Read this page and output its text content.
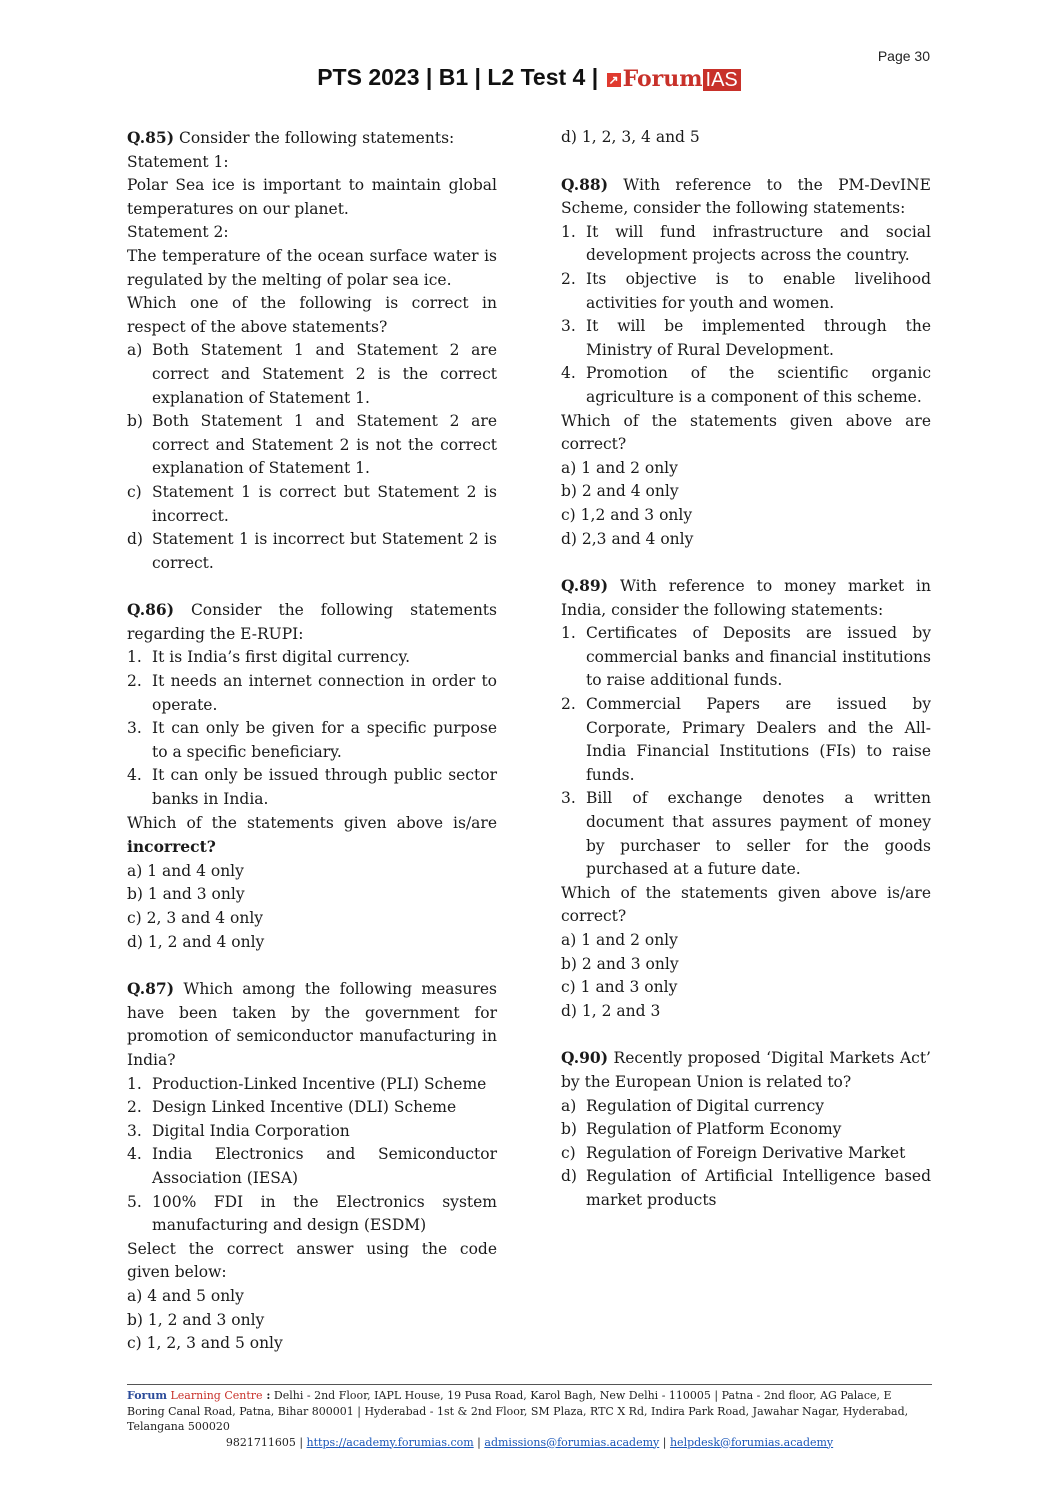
Page 30
PTS 2023 | B1 | L2 Test 4 | ↗ Forum IAS
Q.85) Consider the following statements:
Statement 1:
Polar Sea ice is important to maintain global temperatures on our planet.
Statement 2:
The temperature of the ocean surface water is regulated by the melting of polar sea ice.
Which one of the following is correct in respect of the above statements?
a) Both Statement 1 and Statement 2 are correct and Statement 2 is the correct explanation of Statement 1.
b) Both Statement 1 and Statement 2 are correct and Statement 2 is not the correct explanation of Statement 1.
c) Statement 1 is correct but Statement 2 is incorrect.
d) Statement 1 is incorrect but Statement 2 is correct.
Q.86) Consider the following statements regarding the E-RUPI:
1. It is India’s first digital currency.
2. It needs an internet connection in order to operate.
3. It can only be given for a specific purpose to a specific beneficiary.
4. It can only be issued through public sector banks in India.
Which of the statements given above is/are incorrect?
a) 1 and 4 only
b) 1 and 3 only
c) 2, 3 and 4 only
d) 1, 2 and 4 only
Q.87) Which among the following measures have been taken by the government for promotion of semiconductor manufacturing in India?
1. Production-Linked Incentive (PLI) Scheme
2. Design Linked Incentive (DLI) Scheme
3. Digital India Corporation
4. India Electronics and Semiconductor Association (IESA)
5. 100% FDI in the Electronics system manufacturing and design (ESDM)
Select the correct answer using the code given below:
a) 4 and 5 only
b) 1, 2 and 3 only
c) 1, 2, 3 and 5 only
d) 1, 2, 3, 4 and 5
Q.88) With reference to the PM-DevINE Scheme, consider the following statements:
1. It will fund infrastructure and social development projects across the country.
2. Its objective is to enable livelihood activities for youth and women.
3. It will be implemented through the Ministry of Rural Development.
4. Promotion of the scientific organic agriculture is a component of this scheme.
Which of the statements given above are correct?
a) 1 and 2 only
b) 2 and 4 only
c) 1,2 and 3 only
d) 2,3 and 4 only
Q.89) With reference to money market in India, consider the following statements:
1. Certificates of Deposits are issued by commercial banks and financial institutions to raise additional funds.
2. Commercial Papers are issued by Corporate, Primary Dealers and the All-India Financial Institutions (FIs) to raise funds.
3. Bill of exchange denotes a written document that assures payment of money by purchaser to seller for the goods purchased at a future date.
Which of the statements given above is/are correct?
a) 1 and 2 only
b) 2 and 3 only
c) 1 and 3 only
d) 1, 2 and 3
Q.90) Recently proposed ‘Digital Markets Act’ by the European Union is related to?
a) Regulation of Digital currency
b) Regulation of Platform Economy
c) Regulation of Foreign Derivative Market
d) Regulation of Artificial Intelligence based market products
Forum Learning Centre : Delhi - 2nd Floor, IAPL House, 19 Pusa Road, Karol Bagh, New Delhi - 110005 | Patna - 2nd floor, AG Palace, E Boring Canal Road, Patna, Bihar 800001 | Hyderabad - 1st & 2nd Floor, SM Plaza, RTC X Rd, Indira Park Road, Jawahar Nagar, Hyderabad, Telangana 500020
9821711605 | https://academy.forumias.com | admissions@forumias.academy | helpdesk@forumias.academy
